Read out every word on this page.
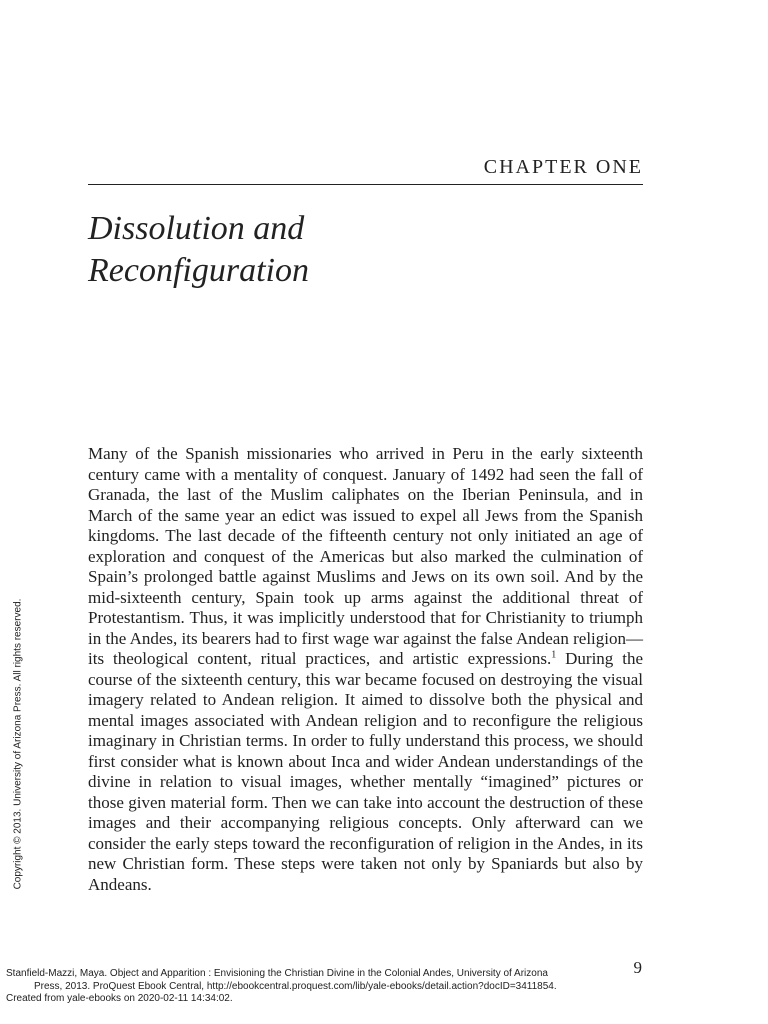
CHAPTER ONE
Dissolution and
Reconfiguration

Many of the Spanish missionaries who arrived in Peru in the early sixteenth century came with a mentality of conquest. January of 1492 had seen the fall of Granada, the last of the Muslim caliphates on the Iberian Peninsula, and in March of the same year an edict was issued to expel all Jews from the Spanish kingdoms. The last decade of the fifteenth century not only initiated an age of exploration and conquest of the Americas but also marked the culmination of Spain’s prolonged battle against Muslims and Jews on its own soil. And by the mid-sixteenth century, Spain took up arms against the additional threat of Protestantism. Thus, it was implicitly understood that for Christianity to triumph in the Andes, its bearers had to first wage war against the false Andean religion—its theological content, ritual practices, and artistic expressions.$^1$ During the course of the sixteenth century, this war became focused on destroying the visual imagery related to Andean religion. It aimed to dissolve both the physical and mental images associated with Andean religion and to reconfigure the religious imaginary in Christian terms. In order to fully understand this process, we should first consider what is known about Inca and wider Andean understandings of the divine in relation to visual images, whether mentally “imagined” pictures or those given material form. Then we can take into account the destruction of these images and their accompanying religious concepts. Only afterward can we consider the early steps toward the reconfiguration of religion in the Andes, in its new Christian form. These steps were taken not only by Spaniards but also by Andeans.

Copyright © 2013. University of Arizona Press. All rights reserved.
9
Stanfield-Mazzi, Maya. Object and Apparition : Envisioning the Christian Divine in the Colonial Andes, University of Arizona
Press, 2013. ProQuest Ebook Central, http://ebookcentral.proquest.com/lib/yale-ebooks/detail.action?docID=3411854.
Created from yale-ebooks on 2020-02-11 14:34:02.
